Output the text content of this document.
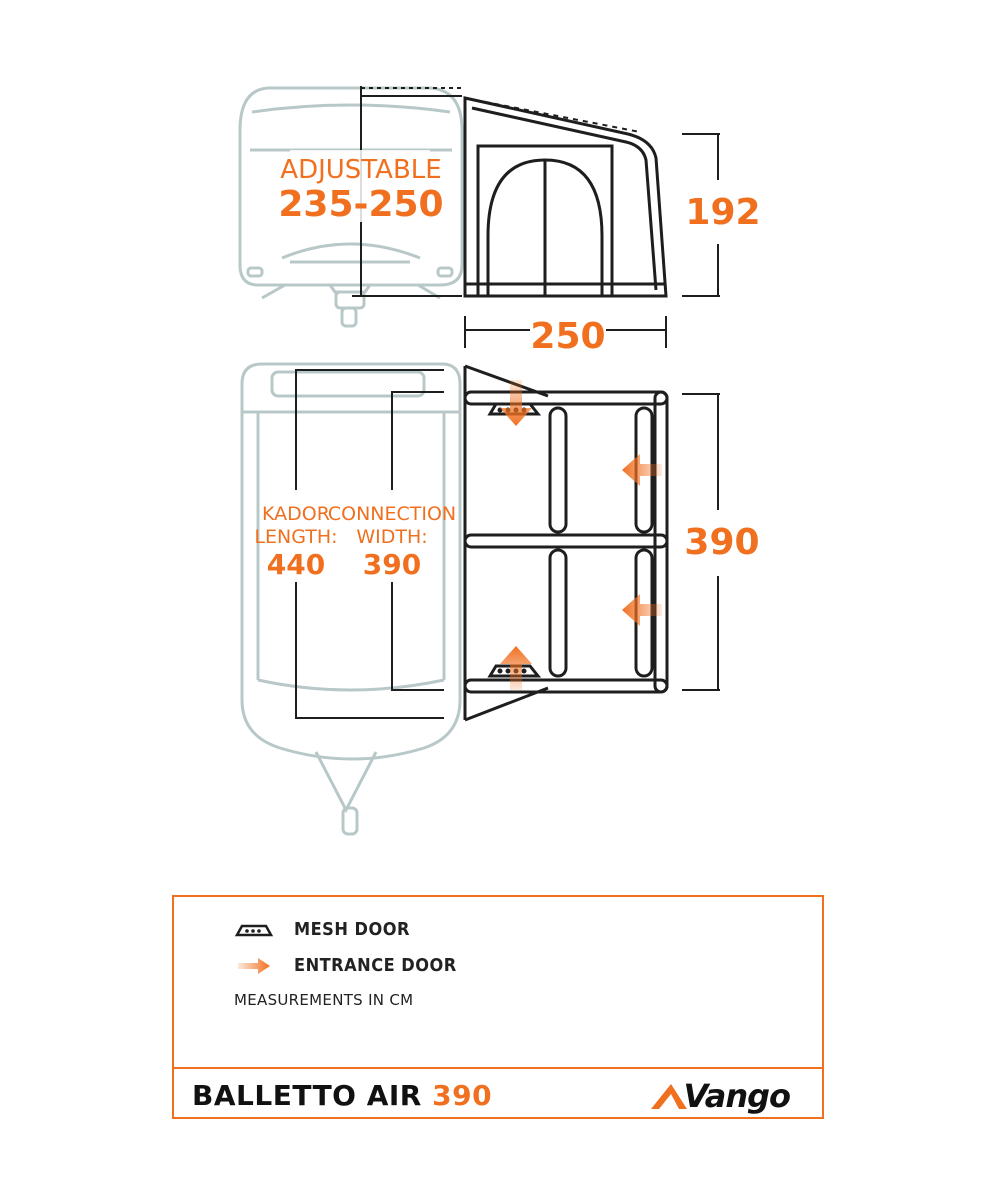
ADJUSTABLE
235-250	192
250
KADOR
LENGTH:
440
CONNECTION
WIDTH:
390
390
MESH DOOR
ENTRANCE DOOR
MEASUREMENTS IN CM
BALLETTO AIR 390	Vango
